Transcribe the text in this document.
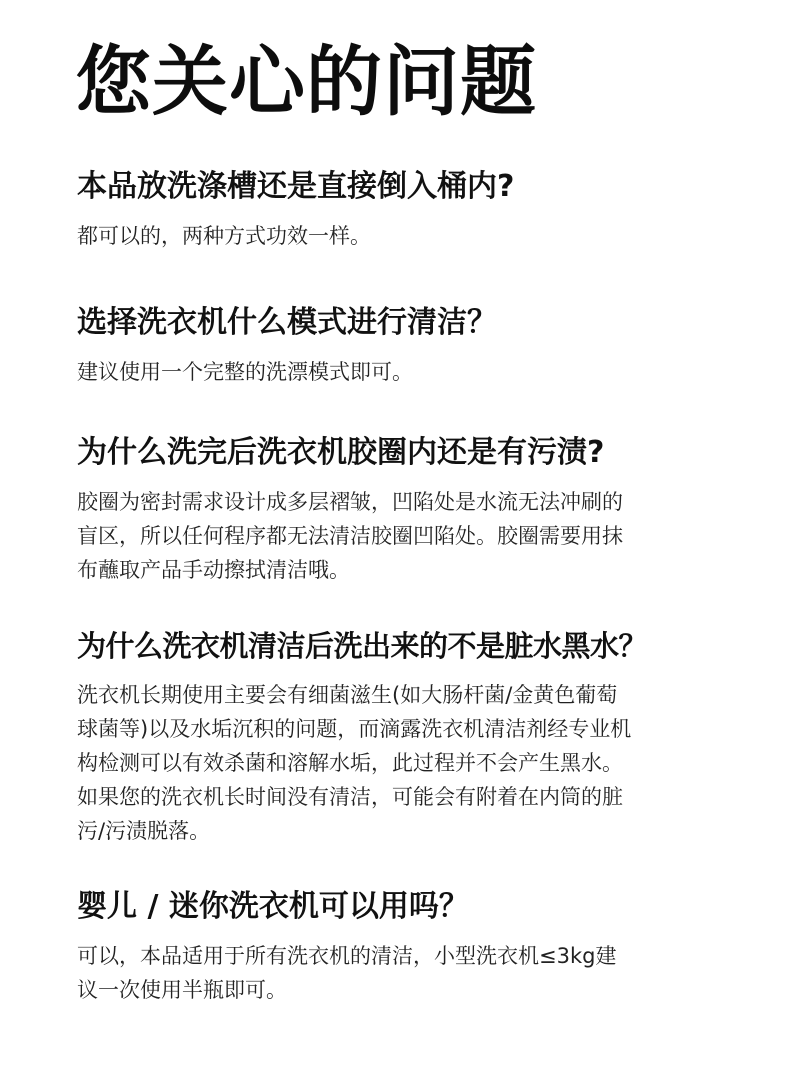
您关心的问题
本品放洗涤槽还是直接倒入桶内?

都可以的，两种方式功效一样。

选择洗衣机什么模式进行清洁？

建议使用一个完整的洗漂模式即可。

为什么洗完后洗衣机胶圈内还是有污渍?

胶圈为密封需求设计成多层褶皱，凹陷处是水流无法冲刷的
盲区，所以任何程序都无法清洁胶圈凹陷处。胶圈需要用抹
布蘸取产品手动擦拭清洁哦。

为什么洗衣机清洁后洗出来的不是脏水黑水？

洗衣机长期使用主要会有细菌滋生(如大肠杆菌/金黄色葡萄
球菌等)以及水垢沉积的问题，而滴露洗衣机清洁剂经专业机
构检测可以有效杀菌和溶解水垢，此过程并不会产生黑水。
如果您的洗衣机长时间没有清洁，可能会有附着在内筒的脏
污/污渍脱落。

婴儿 / 迷你洗衣机可以用吗？

可以，本品适用于所有洗衣机的清洁，小型洗衣机≤3kg建
议一次使用半瓶即可。
